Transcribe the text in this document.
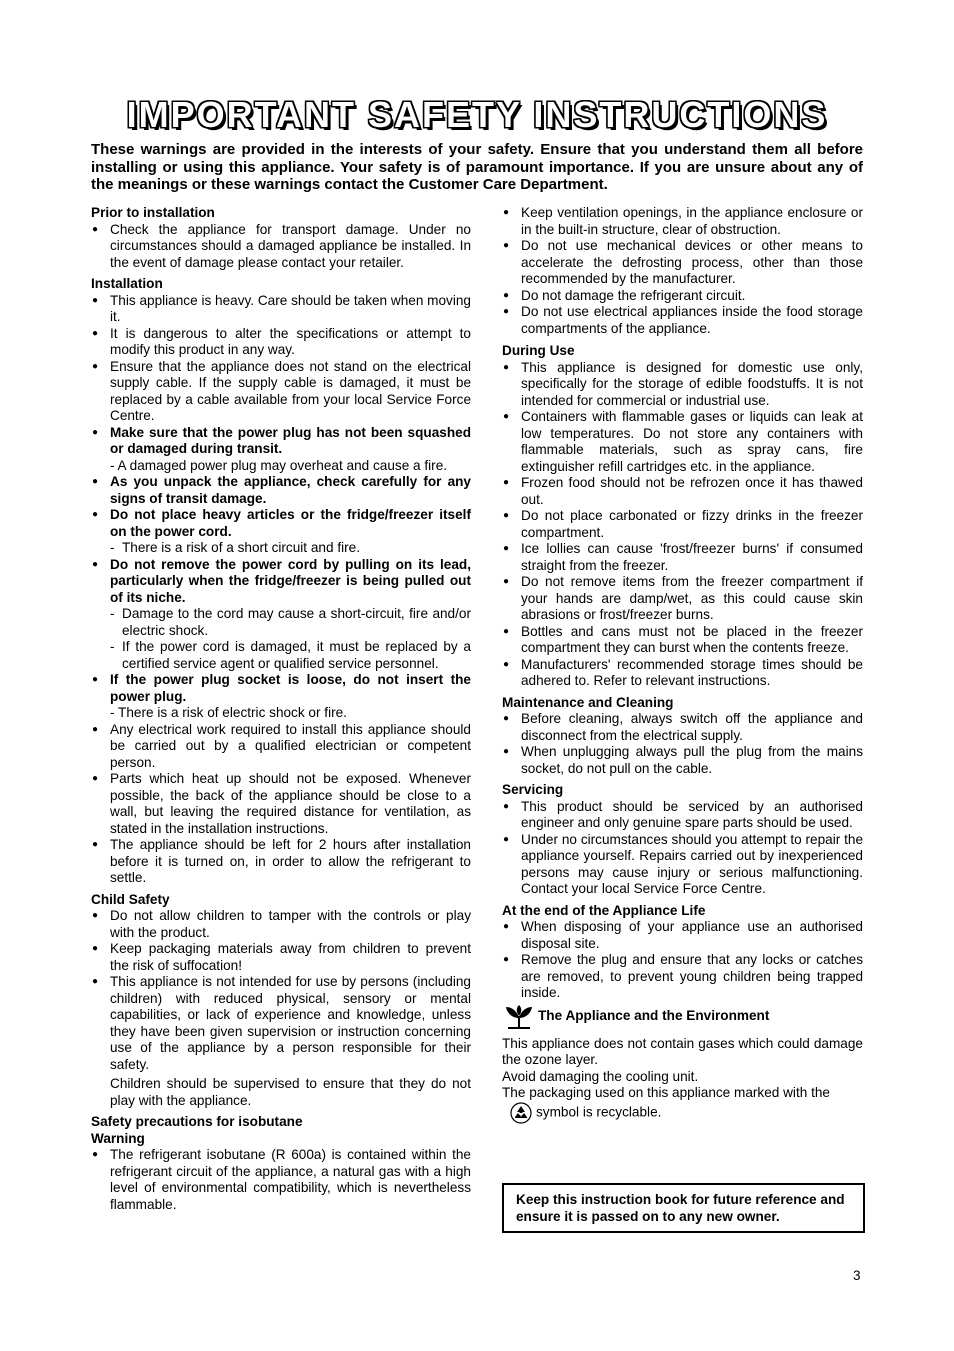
IMPORTANT SAFETY INSTRUCTIONS
These warnings are provided in the interests of your safety. Ensure that you understand them all before installing or using this appliance. Your safety is of paramount importance. If you are unsure about any of the meanings or these warnings contact the Customer Care Department.
Prior to installation
● Check the appliance for transport damage. Under no circumstances should a damaged appliance be installed. In the event of damage please contact your retailer.
Installation
● This appliance is heavy. Care should be taken when moving it.
● It is dangerous to alter the specifications or attempt to modify this product in any way.
● Ensure that the appliance does not stand on the electrical supply cable. If the supply cable is damaged, it must be replaced by a cable available from your local Service Force Centre.
● Make sure that the power plug has not been squashed or damaged during transit.
- A damaged power plug may overheat and cause a fire.
● As you unpack the appliance, check carefully for any signs of transit damage.
● Do not place heavy articles or the fridge/freezer itself on the power cord.
- There is a risk of a short circuit and fire.
● Do not remove the power cord by pulling on its lead, particularly when the fridge/freezer is being pulled out of its niche.
- Damage to the cord may cause a short-circuit, fire and/or electric shock.
- If the power cord is damaged, it must be replaced by a certified service agent or qualified service personnel.
● If the power plug socket is loose, do not insert the power plug.
- There is a risk of electric shock or fire.
● Any electrical work required to install this appliance should be carried out by a qualified electrician or competent person.
● Parts which heat up should not be exposed. Whenever possible, the back of the appliance should be close to a wall, but leaving the required distance for ventilation, as stated in the installation instructions.
● The appliance should be left for 2 hours after installation before it is turned on, in order to allow the refrigerant to settle.
Child Safety
● Do not allow children to tamper with the controls or play with the product.
● Keep packaging materials away from children to prevent the risk of suffocation!
● This appliance is not intended for use by persons (including children) with reduced physical, sensory or mental capabilities, or lack of experience and knowledge, unless they have been given supervision or instruction concerning use of the appliance by a person responsible for their safety.
Children should be supervised to ensure that they do not play with the appliance.
Safety precautions for isobutane
Warning
● The refrigerant isobutane (R 600a) is contained within the refrigerant circuit of the appliance, a natural gas with a high level of environmental compatibility, which is nevertheless flammable.
● Keep ventilation openings, in the appliance enclosure or in the built-in structure, clear of obstruction.
● Do not use mechanical devices or other means to accelerate the defrosting process, other than those recommended by the manufacturer.
● Do not damage the refrigerant circuit.
● Do not use electrical appliances inside the food storage compartments of the appliance.
During Use
● This appliance is designed for domestic use only, specifically for the storage of edible foodstuffs. It is not intended for commercial or industrial use.
● Containers with flammable gases or liquids can leak at low temperatures. Do not store any containers with flammable materials, such as spray cans, fire extinguisher refill cartridges etc. in the appliance.
● Frozen food should not be refrozen once it has thawed out.
● Do not place carbonated or fizzy drinks in the freezer compartment.
● Ice lollies can cause 'frost/freezer burns' if consumed straight from the freezer.
● Do not remove items from the freezer compartment if your hands are damp/wet, as this could cause skin abrasions or frost/freezer burns.
● Bottles and cans must not be placed in the freezer compartment they can burst when the contents freeze.
● Manufacturers' recommended storage times should be adhered to. Refer to relevant instructions.
Maintenance and Cleaning
● Before cleaning, always switch off the appliance and disconnect from the electrical supply.
● When unplugging always pull the plug from the mains socket, do not pull on the cable.
Servicing
● This product should be serviced by an authorised engineer and only genuine spare parts should be used.
● Under no circumstances should you attempt to repair the appliance yourself. Repairs carried out by inexperienced persons may cause injury or serious malfunctioning. Contact your local Service Force Centre.
At the end of the Appliance Life
● When disposing of your appliance use an authorised disposal site.
● Remove the plug and ensure that any locks or catches are removed, to prevent young children being trapped inside.
The Appliance and the Environment
This appliance does not contain gases which could damage the ozone layer.
Avoid damaging the cooling unit.
The packaging used on this appliance marked with the
symbol is recyclable.
Keep this instruction book for future reference and ensure it is passed on to any new owner.
3
